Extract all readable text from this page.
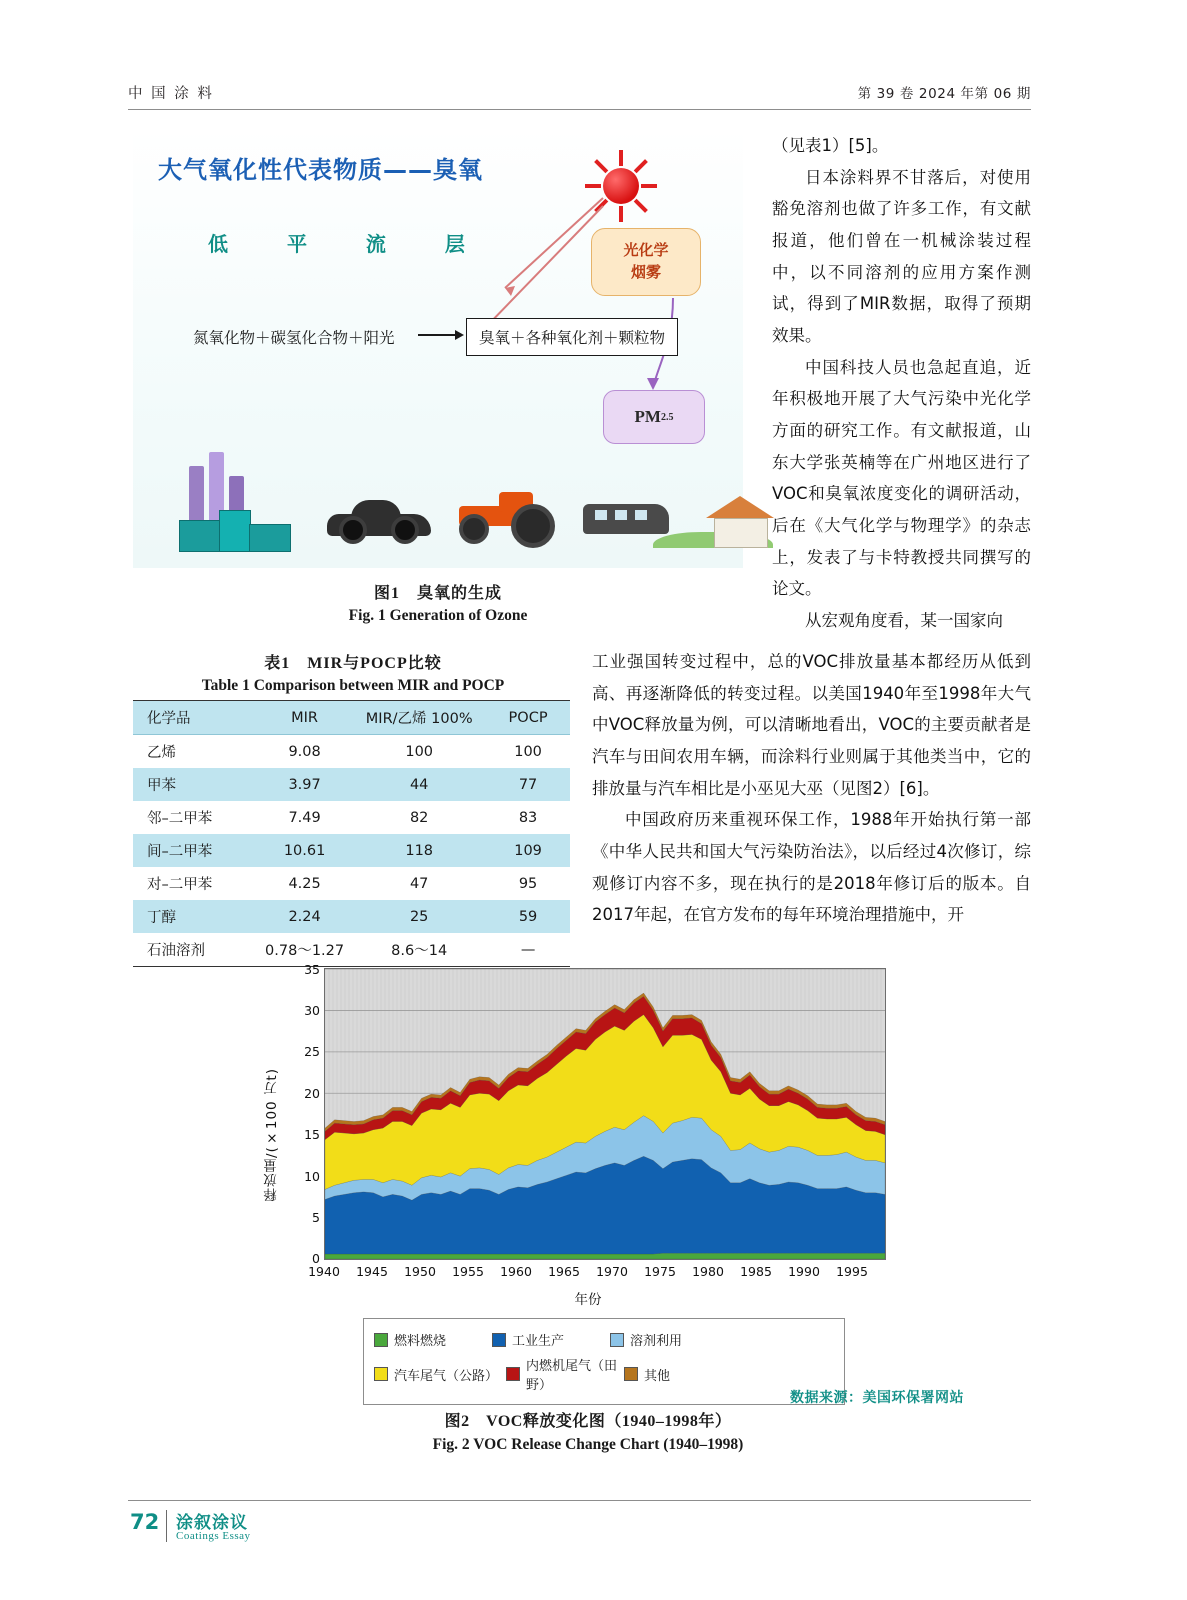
中 国 涂 料	第 39 卷 2024 年第 06 期
大气氧化性代表物质——臭氧
低 平 流 层	光化学
烟雾
PM 2.5
氮氧化物＋碳氢化合物＋阳光 →	臭氧＋各种氧化剂＋颗粒物
图1　臭氧的生成
Fig. 1 Generation of Ozone
表1　MIR与POCP比较
Table 1 Comparison between MIR and POCP
化学品	MIR	MIR/乙烯 100%	POCP
乙烯	9.08	100	100
甲苯	3.97	44	77
邻–二甲苯	7.49	82	83
间–二甲苯	10.61	118	109
对–二甲苯	4.25	47	95
丁醇	2.24	25	59
石油溶剂	0.78～1.27	8.6～14	—

（见表1）[5]。

日本涂料界不甘落后，对使用豁免溶剂也做了许多工作，有文献报道，他们曾在一机械涂装过程中，以不同溶剂的应用方案作测试，得到了MIR数据，取得了预期效果。

中国科技人员也急起直追，近年积极地开展了大气污染中光化学方面的研究工作。有文献报道，山东大学张英楠等在广州地区进行了VOC和臭氧浓度变化的调研活动，后在《大气化学与物理学》的杂志上，发表了与卡特教授共同撰写的论文。

从宏观角度看，某一国家向

工业强国转变过程中，总的VOC排放量基本都经历从低到高、再逐渐降低的转变过程。以美国1940年至1998年大气中VOC释放量为例，可以清晰地看出，VOC的主要贡献者是汽车与田间农用车辆，而涂料行业则属于其他类当中，它的排放量与汽车相比是小巫见大巫（见图2）[6]。

中国政府历来重视环保工作，1988年开始执行第一部《中华人民共和国大气污染防治法》，以后经过4次修订，综观修订内容不多，现在执行的是2018年修订后的版本。自2017年起，在官方发布的每年环境治理措施中，开

释放量/(×100 万t)
35
30
25
20
15
10
5
0
1940	1945	1950	1955	1960	1965	1970	1975	1980	1985	1990	1995
年份
燃料燃烧	工业生产	溶剂利用
汽车尾气（公路）
内燃机尾气（田野）
其他
数据来源：美国环保署网站
图2　VOC释放变化图（1940–1998年）
Fig. 2 VOC Release Change Chart (1940–1998)
72 涂叙涂议
Coatings Essay
